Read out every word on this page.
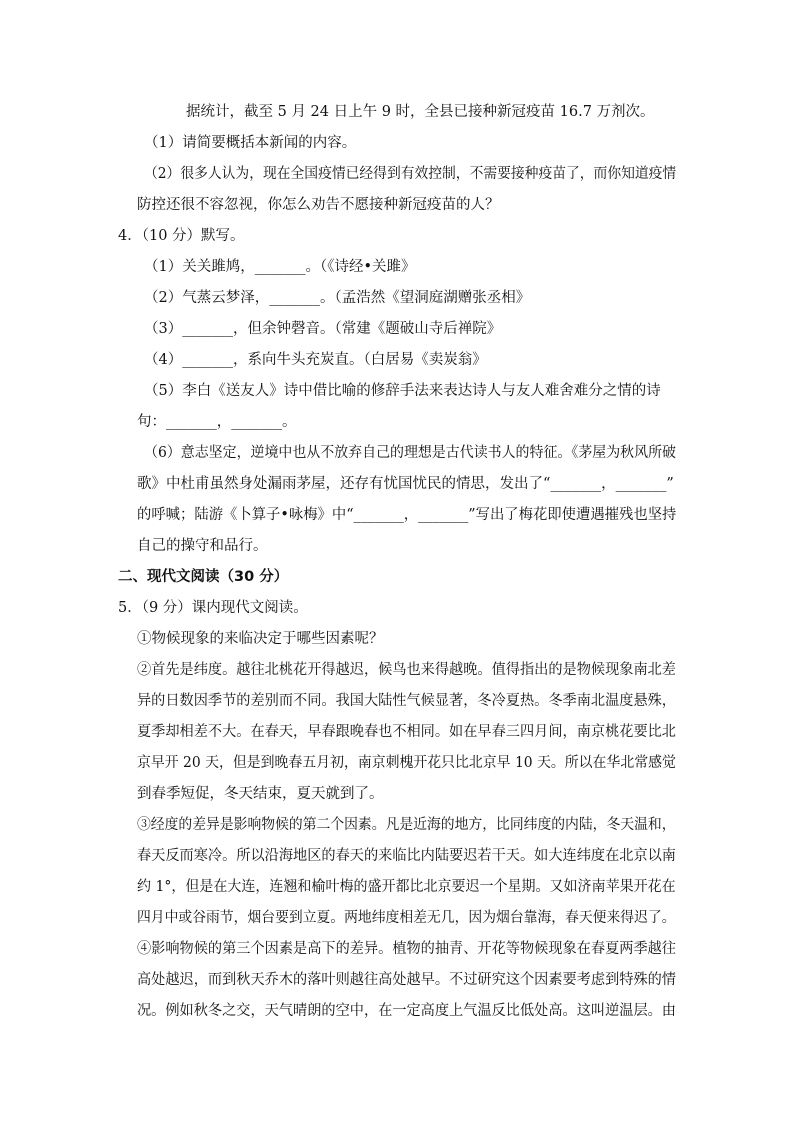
据统计，截至 5 月 24 日上午 9 时，全县已接种新冠疫苗 16.7 万剂次。
（1）请简要概括本新闻的内容。
（2）很多人认为，现在全国疫情已经得到有效控制，不需要接种疫苗了，而你知道疫情
防控还很不容忽视，你怎么劝告不愿接种新冠疫苗的人？
4．（10 分）默写。
（1）关关雎鸠，_______。（《诗经•关雎》
（2）气蒸云梦泽，_______。（孟浩然《望洞庭湖赠张丞相》
（3）_______，但余钟磬音。（常建《题破山寺后禅院》
（4）_______，系向牛头充炭直。（白居易《卖炭翁》
（5）李白《送友人》诗中借比喻的修辞手法来表达诗人与友人难舍难分之情的诗
句：_______，_______。
（6）意志坚定，逆境中也从不放弃自己的理想是古代读书人的特征。《茅屋为秋风所破
歌》中杜甫虽然身处漏雨茅屋，还存有忧国忧民的情思，发出了“_______，_______”
的呼喊；陆游《卜算子•咏梅》中“_______，_______”写出了梅花即使遭遇摧残也坚持
自己的操守和品行。
二、现代文阅读（30 分）
5．（9 分）课内现代文阅读。
①物候现象的来临决定于哪些因素呢？
②首先是纬度。越往北桃花开得越迟，候鸟也来得越晚。值得指出的是物候现象南北差
异的日数因季节的差别而不同。我国大陆性气候显著，冬冷夏热。冬季南北温度悬殊，
夏季却相差不大。在春天，早春跟晚春也不相同。如在早春三四月间，南京桃花要比北
京早开 20 天，但是到晚春五月初，南京刺槐开花只比北京早 10 天。所以在华北常感觉
到春季短促，冬天结束，夏天就到了。
③经度的差异是影响物候的第二个因素。凡是近海的地方，比同纬度的内陆，冬天温和，
春天反而寒冷。所以沿海地区的春天的来临比内陆要迟若干天。如大连纬度在北京以南
约 1°，但是在大连，连翘和榆叶梅的盛开都比北京要迟一个星期。又如济南苹果开花在
四月中或谷雨节，烟台要到立夏。两地纬度相差无几，因为烟台靠海，春天便来得迟了。
④影响物候的第三个因素是高下的差异。植物的抽青、开花等物候现象在春夏两季越往
高处越迟，而到秋天乔木的落叶则越往高处越早。不过研究这个因素要考虑到特殊的情
况。例如秋冬之交，天气晴朗的空中，在一定高度上气温反比低处高。这叫逆温层。由
